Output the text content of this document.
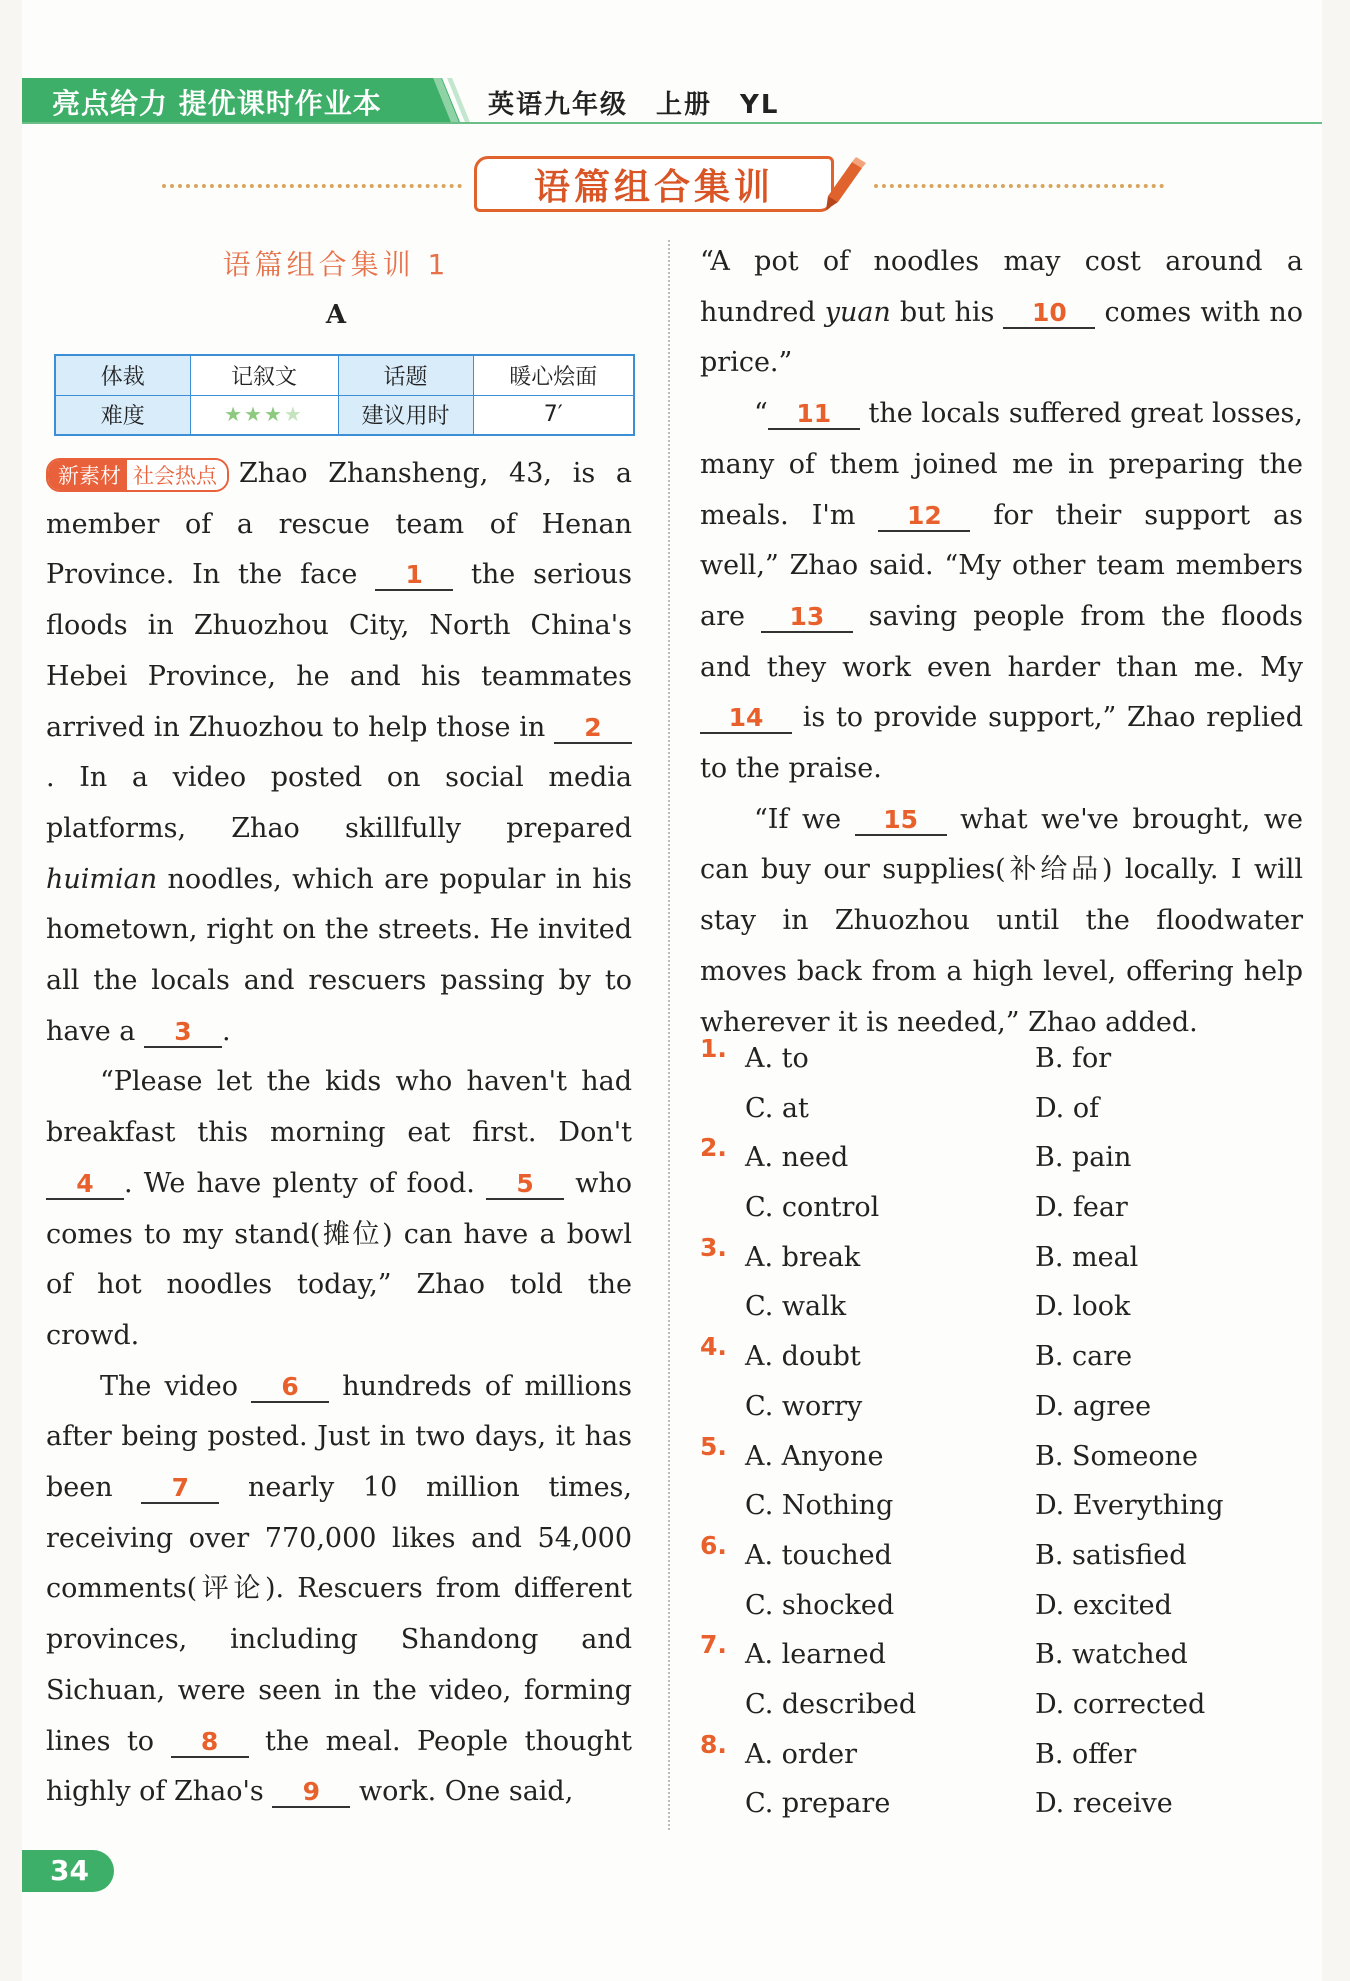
亮点给力 提优课时作业本	英语九年级　上册　YL
语篇组合集训
语篇组合集训 1
A
体裁	记叙文	话题	暖心烩面
难度	★★★★	建议用时	7′

新素材 社会热点 Zhao Zhansheng, 43, is a member of a rescue team of Henan Province. In the face 1 the serious floods in Zhuozhou City, North China's Hebei Province, he and his teammates arrived in Zhuozhou to help those in 2. In a video posted on social media platforms, Zhao skillfully prepared huimian noodles, which are popular in his hometown, right on the streets. He invited all the locals and rescuers passing by to have a 3 .

“Please let the kids who haven't had breakfast this morning eat first. Don't 4 . We have plenty of food. 5 who comes to my stand(摊位) can have a bowl of hot noodles today,” Zhao told the crowd.

The video 6 hundreds of millions after being posted. Just in two days, it has been 7 nearly 10 million times, receiving over 770,000 likes and 54,000 comments(评论). Rescuers from different provinces, including Shandong and Sichuan, were seen in the video, forming lines to 8 the meal. People thought highly of Zhao's 9 work. One said,

“A pot of noodles may cost around a hundred yuan but his 10 comes with no price.”

“ 11 the locals suffered great losses, many of them joined me in preparing the meals. I'm 12 for their support as well,” Zhao said. “My other team members are 13 saving people from the floods and they work even harder than me. My 14 is to provide support,” Zhao replied to the praise.

“If we 15 what we've brought, we can buy our supplies(补给品) locally. I will stay in Zhuozhou until the floodwater moves back from a high level, offering help wherever it is needed,” Zhao added.

1. A. to	B. for
C. at	D. of
2. A. need	B. pain
C. control	D. fear
3. A. break	B. meal
C. walk	D. look
4. A. doubt	B. care
C. worry	D. agree
5. A. Anyone	B. Someone
C. Nothing	D. Everything
6. A. touched	B. satisfied
C. shocked	D. excited
7. A. learned	B. watched
C. described	D. corrected
8. A. order	B. offer
C. prepare	D. receive
34
